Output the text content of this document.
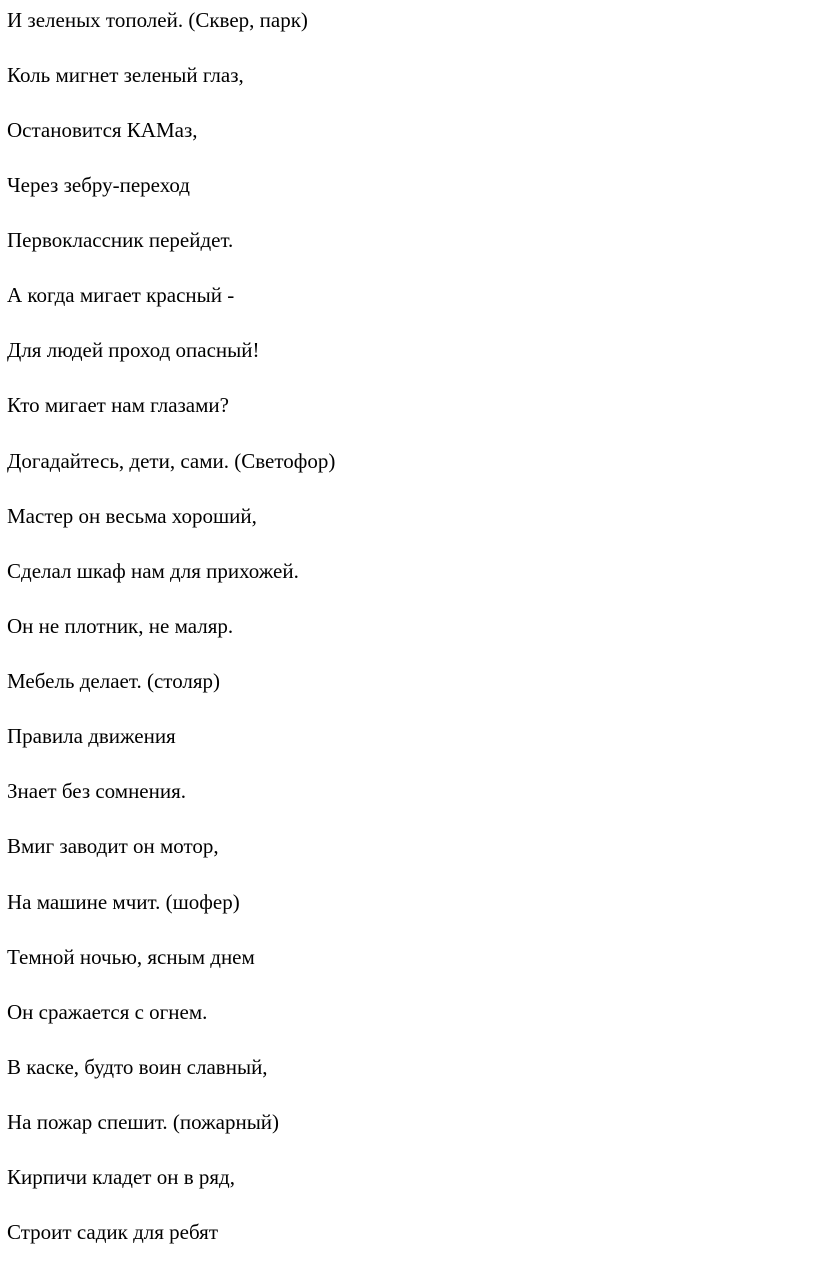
И зеленых тополей. (Сквер, парк)
Коль мигнет зеленый глаз,
Остановится КАМаз,
Через зебру-переход
Первоклассник перейдет.
А когда мигает красный -
Для людей проход опасный!
Кто мигает нам глазами?
Догадайтесь, дети, сами. (Светофор)
Мастер он весьма хороший,
Сделал шкаф нам для прихожей.
Он не плотник, не маляр.
Мебель делает. (столяр)
Правила движения
Знает без сомнения.
Вмиг заводит он мотор,
На машине мчит. (шофер)
Темной ночью, ясным днем
Он сражается с огнем.
В каске, будто воин славный,
На пожар спешит. (пожарный)
Кирпичи кладет он в ряд,
Строит садик для ребят
